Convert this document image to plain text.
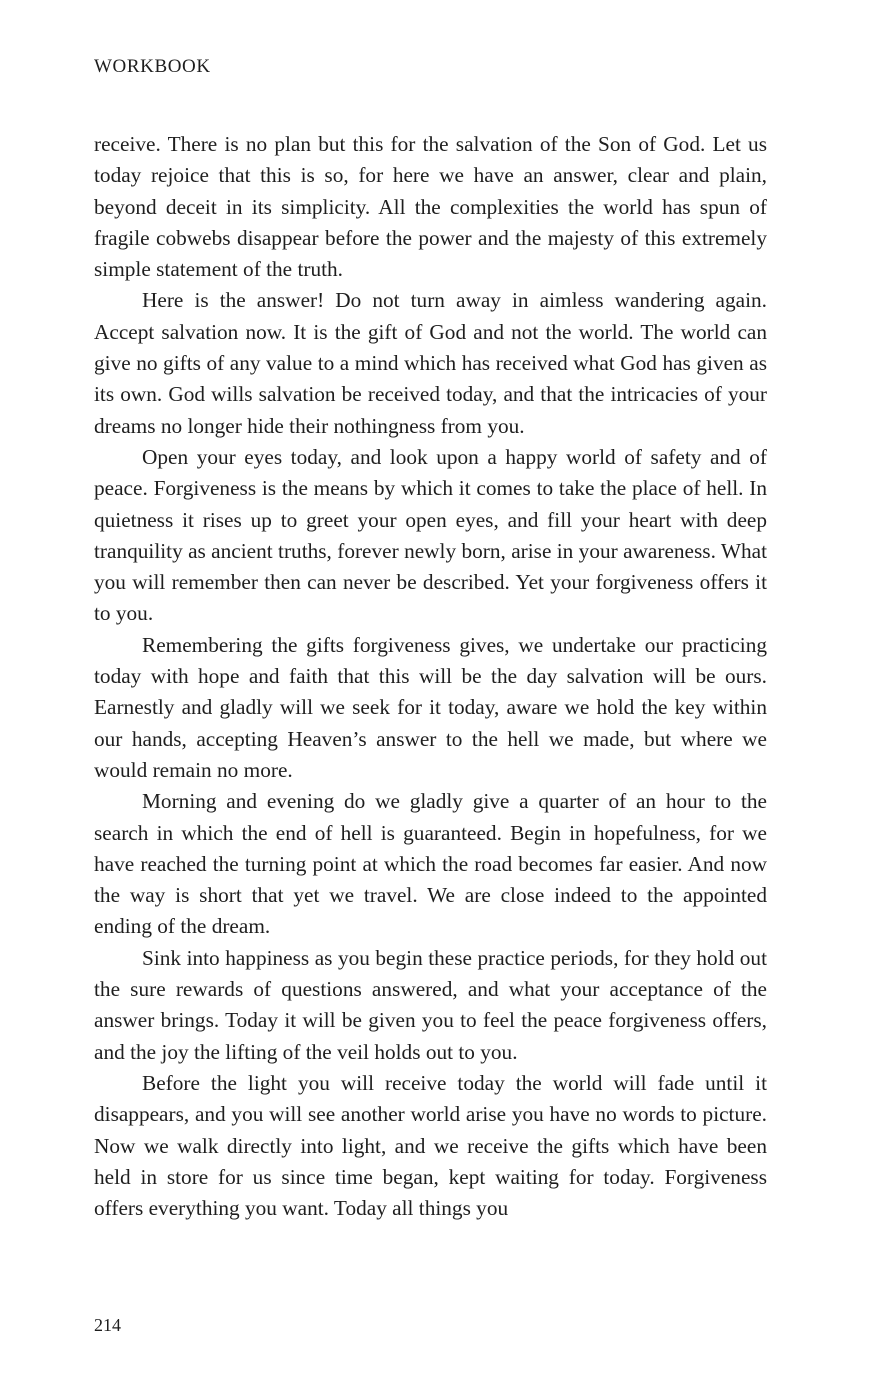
WORKBOOK

receive. There is no plan but this for the salvation of the Son of God. Let us today rejoice that this is so, for here we have an answer, clear and plain, beyond deceit in its simplicity. All the complexities the world has spun of fragile cobwebs disappear before the power and the majesty of this extremely simple statement of the truth.

Here is the answer! Do not turn away in aimless wandering again. Accept salvation now. It is the gift of God and not the world. The world can give no gifts of any value to a mind which has received what God has given as its own. God wills salvation be received today, and that the intricacies of your dreams no longer hide their nothingness from you.

Open your eyes today, and look upon a happy world of safety and of peace. Forgiveness is the means by which it comes to take the place of hell. In quietness it rises up to greet your open eyes, and fill your heart with deep tranquility as ancient truths, forever newly born, arise in your awareness. What you will remember then can never be described. Yet your forgiveness offers it to you.

Remembering the gifts forgiveness gives, we undertake our practicing today with hope and faith that this will be the day salvation will be ours. Earnestly and gladly will we seek for it today, aware we hold the key within our hands, accepting Heaven’s answer to the hell we made, but where we would remain no more.

Morning and evening do we gladly give a quarter of an hour to the search in which the end of hell is guaranteed. Begin in hopefulness, for we have reached the turning point at which the road becomes far easier. And now the way is short that yet we travel. We are close indeed to the appointed ending of the dream.

Sink into happiness as you begin these practice periods, for they hold out the sure rewards of questions answered, and what your acceptance of the answer brings. Today it will be given you to feel the peace forgiveness offers, and the joy the lifting of the veil holds out to you.

Before the light you will receive today the world will fade until it disappears, and you will see another world arise you have no words to picture. Now we walk directly into light, and we receive the gifts which have been held in store for us since time began, kept waiting for today. Forgiveness offers everything you want. Today all things you

214
